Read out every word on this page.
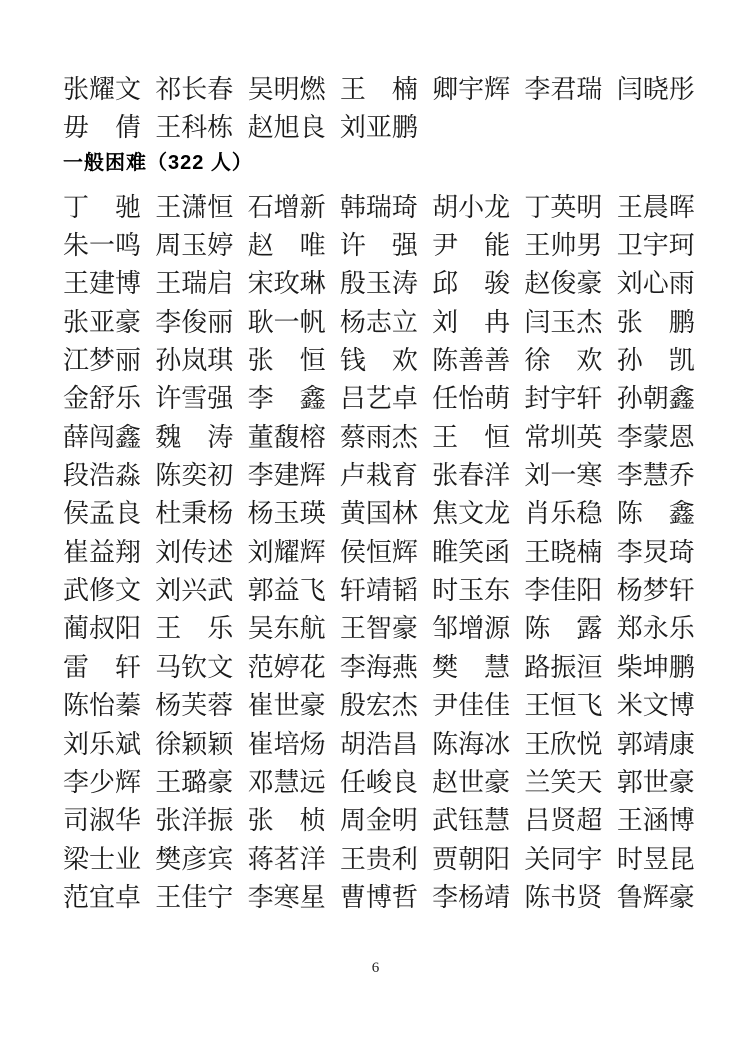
张耀文 祁长春 吴明燃 王　楠 卿宇辉 李君瑞 闫晓彤
毋　倩 王科栋 赵旭良 刘亚鹏
一般困难（322 人）
丁　驰 王潇恒 石增新 韩瑞琦 胡小龙 丁英明 王晨晖
朱一鸣 周玉婷 赵　唯 许　强 尹　能 王帅男 卫宇珂
王建博 王瑞启 宋玫琳 殷玉涛 邱　骏 赵俊豪 刘心雨
张亚豪 李俊丽 耿一帆 杨志立 刘　冉 闫玉杰 张　鹏
江梦丽 孙岚琪 张　恒 钱　欢 陈善善 徐　欢 孙　凯
金舒乐 许雪强 李　鑫 吕艺卓 任怡萌 封宇轩 孙朝鑫
薛闯鑫 魏　涛 董馥榕 蔡雨杰 王　恒 常圳英 李蒙恩
段浩淼 陈奕初 李建辉 卢栽育 张春洋 刘一寒 李慧乔
侯孟良 杜秉杨 杨玉瑛 黄国林 焦文龙 肖乐稳 陈　鑫
崔益翔 刘传述 刘耀辉 侯恒辉 睢笑函 王晓楠 李炅琦
武修文 刘兴武 郭益飞 轩靖韬 时玉东 李佳阳 杨梦轩
蔺叔阳 王　乐 吴东航 王智豪 邹增源 陈　露 郑永乐
雷　轩 马钦文 范婷花 李海燕 樊　慧 路振洹 柴坤鹏
陈怡蓁 杨芙蓉 崔世豪 殷宏杰 尹佳佳 王恒飞 米文博
刘乐斌 徐颖颖 崔培炀 胡浩昌 陈海冰 王欣悦 郭靖康
李少辉 王璐豪 邓慧远 任峻良 赵世豪 兰笑天 郭世豪
司淑华 张洋振 张　桢 周金明 武钰慧 吕贤超 王涵博
梁士业 樊彦宾 蒋茗洋 王贵利 贾朝阳 关同宇 时昱昆
范宜卓 王佳宁 李寒星 曹博哲 李杨靖 陈书贤 鲁辉豪
6
